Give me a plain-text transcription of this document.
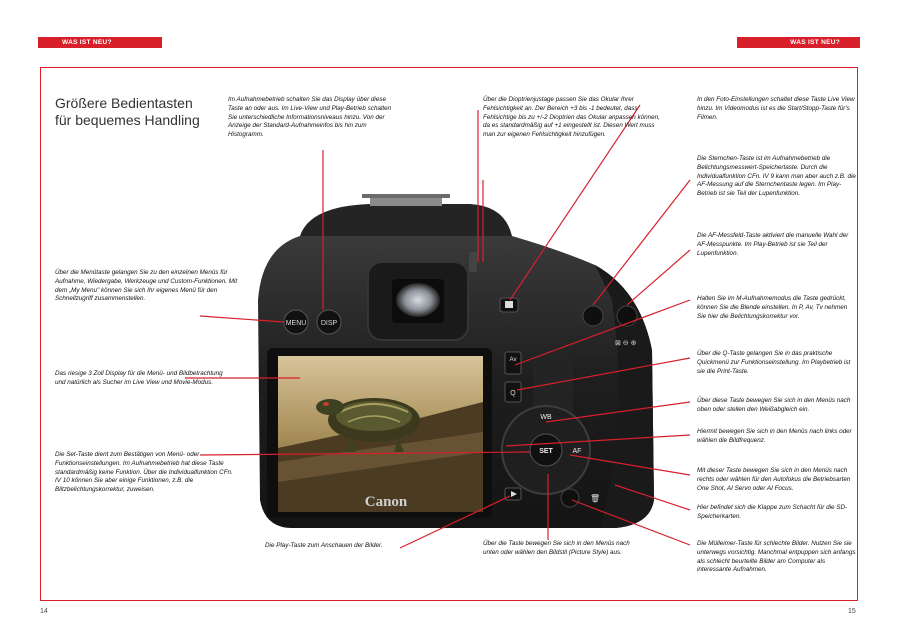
WAS IST NEU?	WAS IST NEU?
Größere Bedientasten
für bequemes Handling
Canon
MENU DISP
⊠ ⊖ ⊕
Av
Q
SET
WB
AF
🗑
Im Aufnahmebetrieb schalten Sie das Display über diese Taste an oder aus. Im Live-View und Play-Betrieb schalten Sie unterschiedliche Informationsniveaus hinzu. Von der Anzeige der Standard-Aufnahmeinfos bis hin zum Histogramm.
Über die Dioptrienjustage passen Sie das Okular Ihrer Fehlsichtigkeit an. Der Bereich +3 bis -1 bedeutet, dass Fehlsichtige bis zu +/-2 Dioptrien das Okular anpassen können, da es standardmäßig auf +1 eingestellt ist. Diesen Wert muss man zur eigenen Fehlsichtigkeit hinzufügen.
In den Foto-Einstellungen schaltet diese Taste Live View hinzu. Im Videomodus ist es die Start/Stopp-Taste für's Filmen.
Die Sternchen-Taste ist im Aufnahmebetrieb die Belichtungsmesswert-Speichertaste. Durch die Individualfunktion CFn. IV 9 kann man aber auch z.B. die AF-Messung auf die Sternchentaste legen. Im Play-Betrieb ist sie Teil der Lupenfunktion.
Die AF-Messfeld-Taste aktiviert die manuelle Wahl der AF-Messpunkte. Im Play-Betrieb ist sie Teil der Lupenfunktion.
Über die Menütaste gelangen Sie zu den einzelnen Menüs für Aufnahme, Wiedergabe, Werkzeuge und Custom-Funktionen. Mit dem „My Menu" können Sie sich Ihr eigenes Menü für den Schnellzugriff zusammenstellen.	Halten Sie im M-Aufnahmemodus die Taste gedrückt, können Sie die Blende einstellen. In P, Av, Tv nehmen Sie hier die Belichtungskorrektur vor.
Das riesige 3 Zoll Display für die Menü- und Bildbetrachtung und natürlich als Sucher im Live View und Movie-Modus.
Über die Q-Taste gelangen Sie in das praktische Quickmenü zur Funktionseinstellung. Im Playbetrieb ist sie die Print-Taste.
Über diese Taste bewegen Sie sich in den Menüs nach oben oder stellen den Weißabgleich ein.
Hiermit bewegen Sie sich in den Menüs nach links oder wählen die Bildfrequenz.
Die Set-Taste dient zum Bestätigen von Menü- oder Funktionseinstellungen. Im Aufnahmebetrieb hat diese Taste standardmäßig keine Funktion. Über die Individualfunktion CFn. IV 10 können Sie aber einige Funktionen, z.B. die Blitzbelichtungskorrektur, zuweisen.
Mit dieser Taste bewegen Sie sich in den Menüs nach rechts oder wählen für den Autofokus die Betriebsarten One Shot, AI Servo oder AI Focus.
Hier befindet sich die Klappe zum Schacht für die SD-Speicherkarten.
Die Play-Taste zum Anschauen der Bilder.	Über die Taste bewegen Sie sich in den Menüs nach unten oder wählen den Bildstil (Picture Style) aus.
Die Mülleimer-Taste für schlechte Bilder. Nutzen Sie sie unterwegs vorsichtig. Manchmal entpuppen sich anfangs als schlecht beurteilte Bilder am Computer als interessante Aufnahmen.
14	15
